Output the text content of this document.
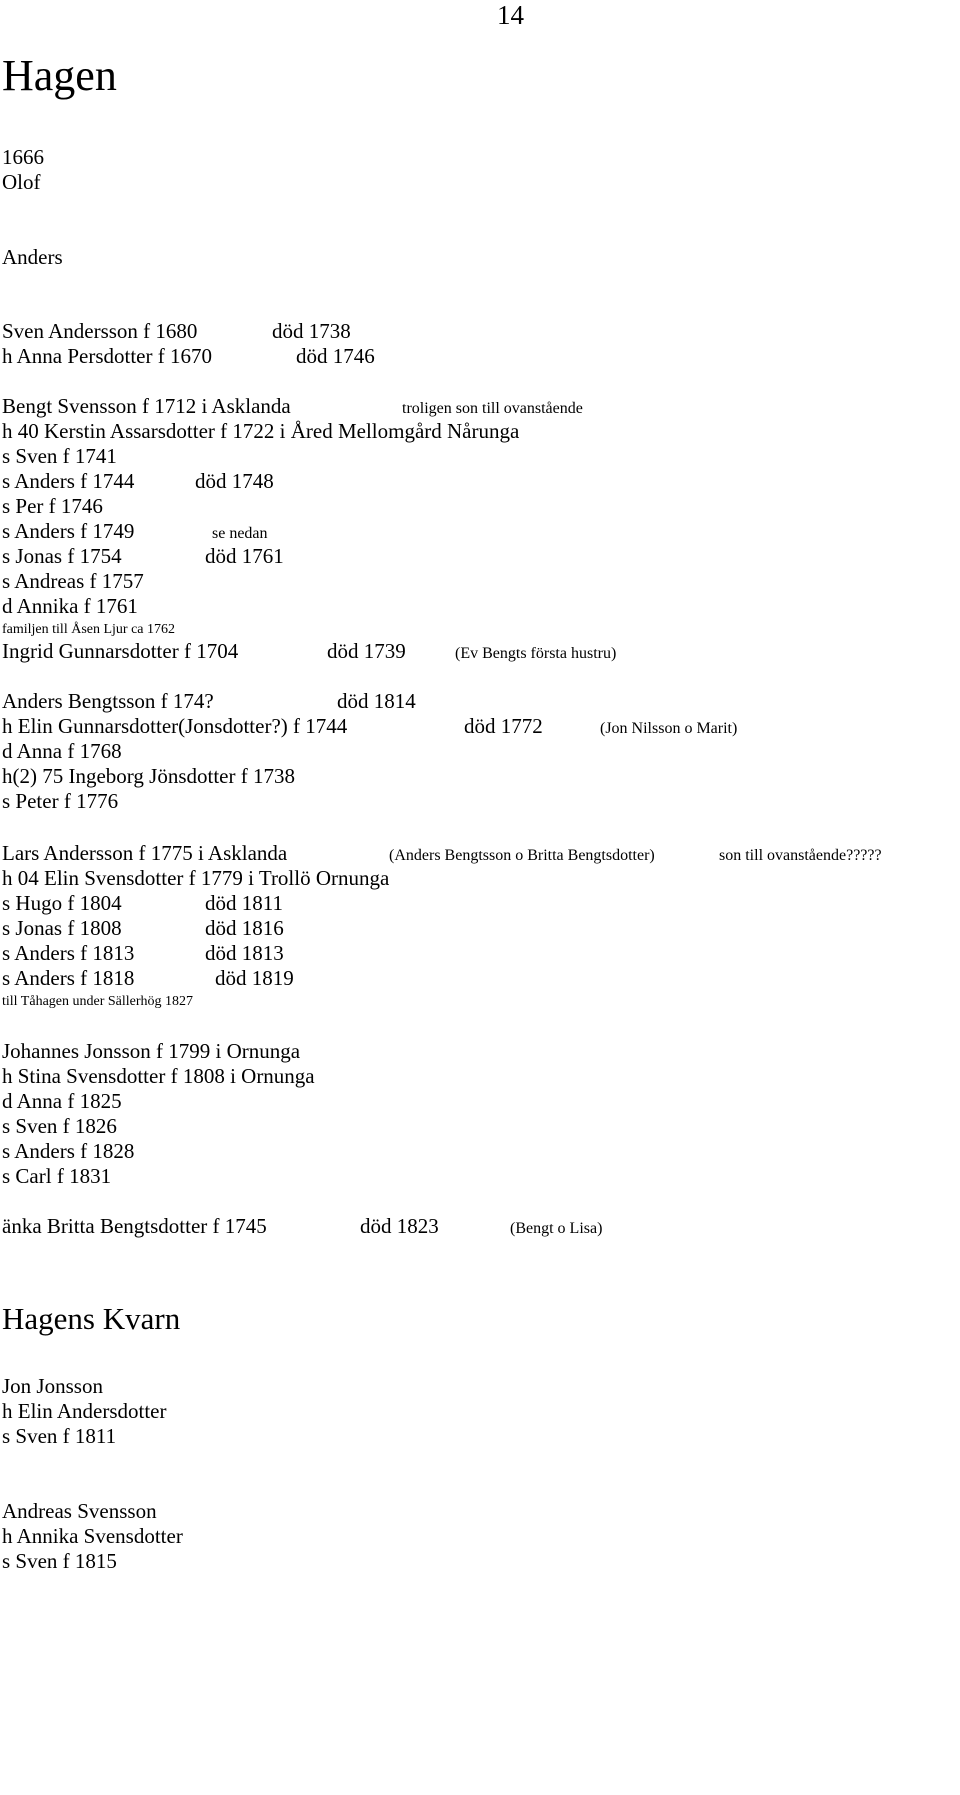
14
Hagen
1666
Olof
Anders
Sven Andersson f 1680	död 1738
h Anna Persdotter f 1670	död 1746
Bengt Svensson f 1712 i Asklanda	troligen son till ovanstående
h 40 Kerstin Assarsdotter f 1722 i Åred Mellomgård Nårunga
s Sven f 1741
s Anders f 1744	död 1748
s Per f 1746
s Anders f 1749	se nedan
s Jonas f 1754	död 1761
s Andreas f 1757
d Annika f 1761
familjen till Åsen Ljur ca 1762
Ingrid Gunnarsdotter f 1704	död 1739	(Ev Bengts första hustru)
Anders Bengtsson f 174?	död 1814
h Elin Gunnarsdotter(Jonsdotter?) f 1744	död 1772	(Jon Nilsson o Marit)
d Anna f 1768
h(2) 75 Ingeborg Jönsdotter f 1738
s Peter f 1776
Lars Andersson f 1775 i Asklanda	(Anders Bengtsson o Britta Bengtsdotter)	son till ovanstående?????
h 04 Elin Svensdotter f 1779 i Trollö Ornunga
s Hugo f 1804	död 1811
s Jonas f 1808	död 1816
s Anders f 1813	död 1813
s Anders f 1818	död 1819
till Tåhagen under Sällerhög 1827
Johannes Jonsson f 1799 i Ornunga
h Stina Svensdotter f 1808 i Ornunga
d Anna f 1825
s Sven f 1826
s Anders f 1828
s Carl f 1831
änka Britta Bengtsdotter f 1745	död 1823	(Bengt o Lisa)
Hagens Kvarn
Jon Jonsson
h Elin Andersdotter
s Sven f 1811
Andreas Svensson
h Annika Svensdotter
s Sven f 1815
